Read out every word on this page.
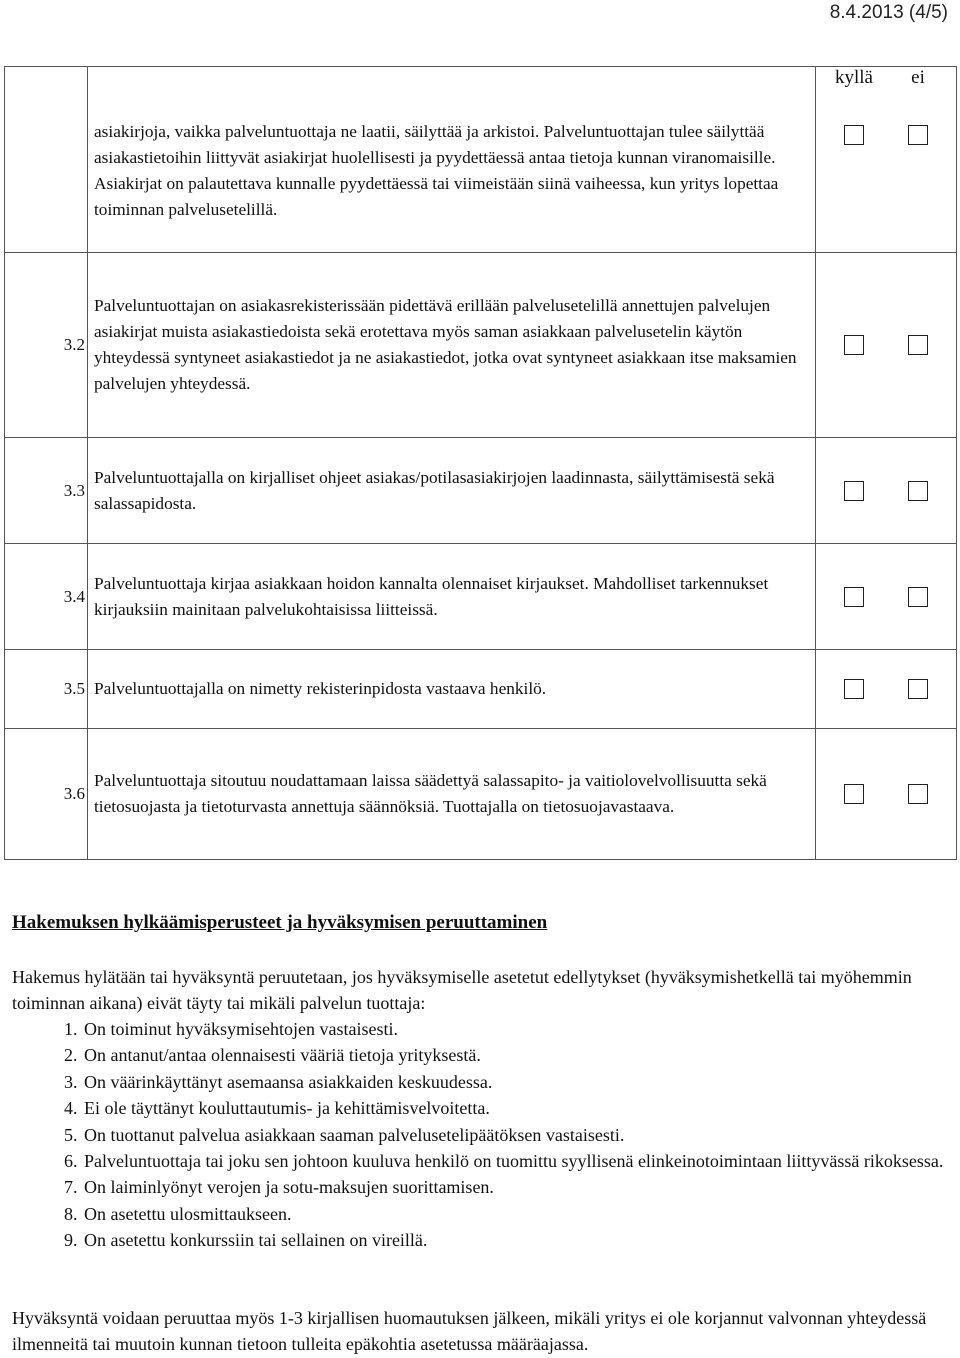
8.4.2013 (4/5)
	asiakirjoja, vaikka palveluntuottaja ne laatii, säilyttää ja arkistoi. Palveluntuottajan tulee säilyttää asiakastietoihin liittyvät asiakirjat huolellisesti ja pyydettäessä antaa tietoja kunnan viranomaisille. Asiakirjat on palautettava kunnalle pyydettäessä tai viimeistään siinä vaiheessa, kun yritys lopettaa toiminnan palvelusetelillä.	kyllä ei

3.2	Palveluntuottajan on asiakasrekisterissään pidettävä erillään palvelusetelillä annettujen palvelujen asiakirjat muista asiakastiedoista sekä erotettava myös saman asiakkaan palvelusetelin käytön yhteydessä syntyneet asiakastiedot ja ne asiakastiedot, jotka ovat syntyneet asiakkaan itse maksamien palvelujen yhteydessä.	

3.3	Palveluntuottajalla on kirjalliset ohjeet asiakas/potilasasiakirjojen laadinnasta, säilyttämisestä sekä salassapidosta.	

3.4	Palveluntuottaja kirjaa asiakkaan hoidon kannalta olennaiset kirjaukset. Mahdolliset tarkennukset kirjauksiin mainitaan palvelukohtaisissa liitteissä.	

3.5	Palveluntuottajalla on nimetty rekisterinpidosta vastaava henkilö.	

3.6	Palveluntuottaja sitoutuu noudattamaan laissa säädettyä salassapito- ja vaitiolovelvollisuutta sekä tietosuojasta ja tietoturvasta annettuja säännöksiä. Tuottajalla on tietosuojavastaava.	
Hakemuksen hylkäämisperusteet ja hyväksymisen peruuttaminen

Hakemus hylätään tai hyväksyntä peruutetaan, jos hyväksymiselle asetetut edellytykset (hyväksymishetkellä tai myöhemmin toiminnan aikana) eivät täyty tai mikäli palvelun tuottaja:

1. On toiminut hyväksymisehtojen vastaisesti.
2. On antanut/antaa olennaisesti vääriä tietoja yrityksestä.
3. On väärinkäyttänyt asemaansa asiakkaiden keskuudessa.
4. Ei ole täyttänyt kouluttautumis- ja kehittämisvelvoitetta.
5. On tuottanut palvelua asiakkaan saaman palvelusetelipäätöksen vastaisesti.
6. Palveluntuottaja tai joku sen johtoon kuuluva henkilö on tuomittu syyllisenä elinkeinotoimintaan liittyvässä rikoksessa.
7. On laiminlyönyt verojen ja sotu-maksujen suorittamisen.
8. On asetettu ulosmittaukseen.
9. On asetettu konkurssiin tai sellainen on vireillä.

Hyväksyntä voidaan peruuttaa myös 1-3 kirjallisen huomautuksen jälkeen, mikäli yritys ei ole korjannut valvonnan yhteydessä ilmenneitä tai muutoin kunnan tietoon tulleita epäkohtia asetetussa määräajassa.
